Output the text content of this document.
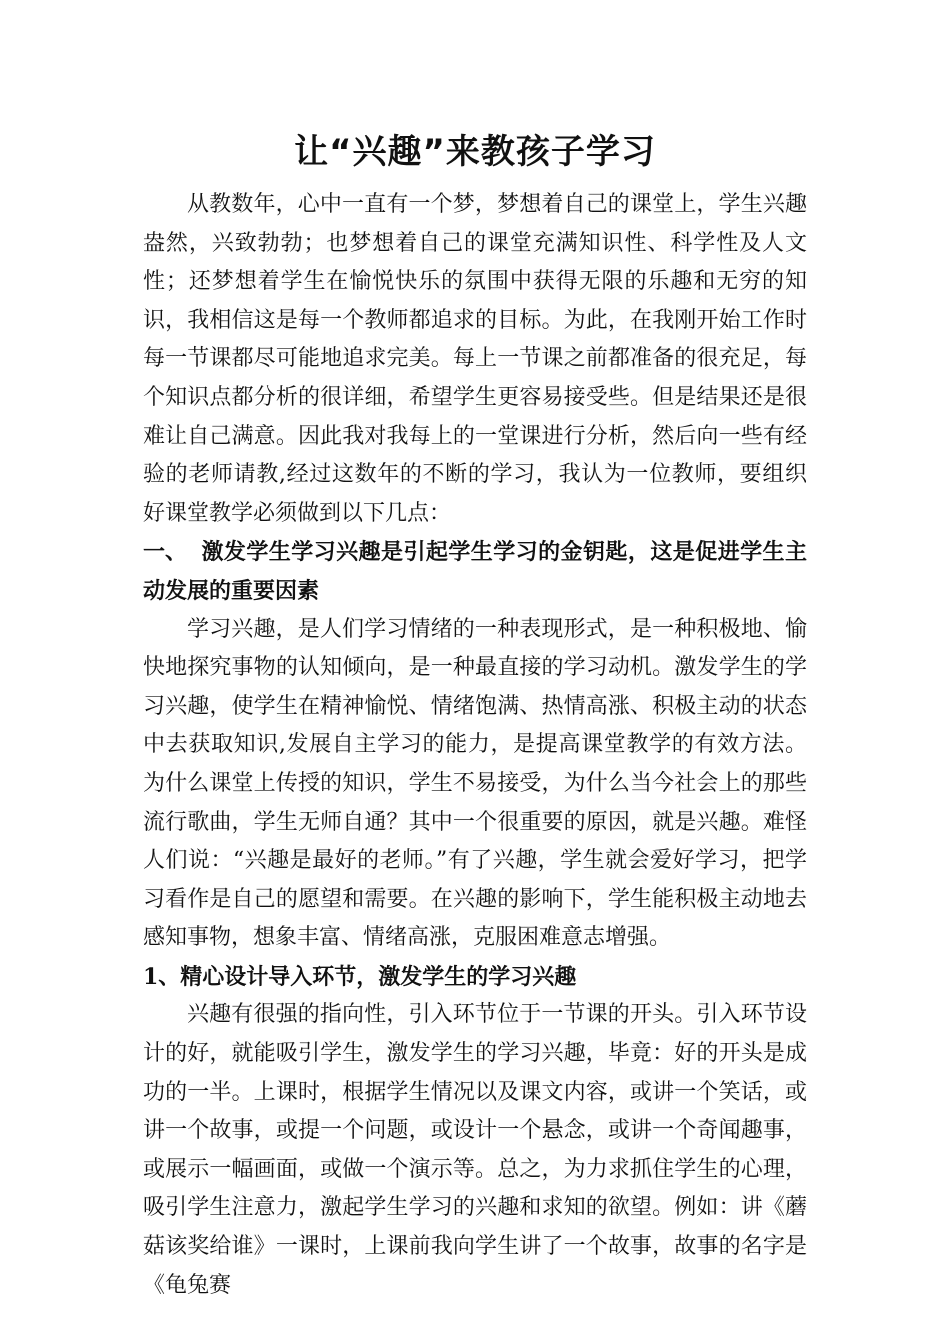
让“兴趣”来教孩子学习

从教数年，心中一直有一个梦，梦想着自己的课堂上，学生兴趣盎然，兴致勃勃；也梦想着自己的课堂充满知识性、科学性及人文性；还梦想着学生在愉悦快乐的氛围中获得无限的乐趣和无穷的知识，我相信这是每一个教师都追求的目标。为此，在我刚开始工作时每一节课都尽可能地追求完美。每上一节课之前都准备的很充足，每个知识点都分析的很详细，希望学生更容易接受些。但是结果还是很难让自己满意。因此我对我每上的一堂课进行分析，然后向一些有经验的老师请教,经过这数年的不断的学习，我认为一位教师，要组织好课堂教学必须做到以下几点：

一、 激发学生学习兴趣是引起学生学习的金钥匙，这是促进学生主动发展的重要因素

学习兴趣，是人们学习情绪的一种表现形式，是一种积极地、愉快地探究事物的认知倾向，是一种最直接的学习动机。激发学生的学习兴趣，使学生在精神愉悦、情绪饱满、热情高涨、积极主动的状态中去获取知识,发展自主学习的能力，是提高课堂教学的有效方法。为什么课堂上传授的知识，学生不易接受，为什么当今社会上的那些流行歌曲，学生无师自通？其中一个很重要的原因，就是兴趣。难怪人们说：“兴趣是最好的老师。”有了兴趣，学生就会爱好学习，把学习看作是自己的愿望和需要。在兴趣的影响下，学生能积极主动地去感知事物，想象丰富、情绪高涨，克服困难意志增强。

1、精心设计导入环节，激发学生的学习兴趣

兴趣有很强的指向性，引入环节位于一节课的开头。引入环节设计的好，就能吸引学生，激发学生的学习兴趣，毕竟：好的开头是成功的一半。上课时，根据学生情况以及课文内容，或讲一个笑话，或讲一个故事，或提一个问题，或设计一个悬念，或讲一个奇闻趣事，或展示一幅画面，或做一个演示等。总之，为力求抓住学生的心理，吸引学生注意力，激起学生学习的兴趣和求知的欲望。例如：讲《蘑菇该奖给谁》一课时，上课前我向学生讲了一个故事，故事的名字是《龟兔赛
